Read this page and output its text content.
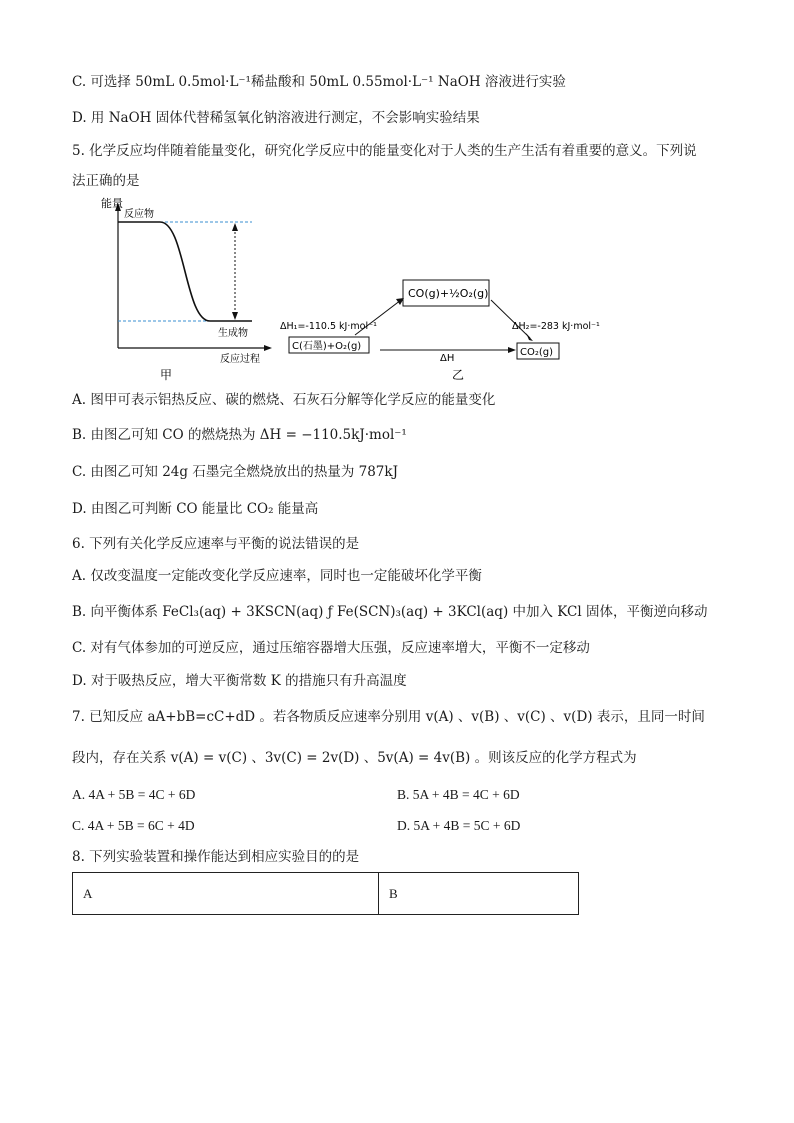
C. 可选择 50mL 0.5mol·L⁻¹稀盐酸和 50mL 0.55mol·L⁻¹ NaOH 溶液进行实验
D. 用 NaOH 固体代替稀氢氧化钠溶液进行测定，不会影响实验结果
5. 化学反应均伴随着能量变化，研究化学反应中的能量变化对于人类的生产生活有着重要的意义。下列说
法正确的是
能量
反应物
生成物
反应过程
甲
CO(g)+½O₂(g)
C(石墨)+O₂(g)
CO₂(g)
ΔH₁=-110.5 kJ·mol⁻¹	ΔH₂=-283 kJ·mol⁻¹
ΔH
乙
A. 图甲可表示铝热反应、碳的燃烧、石灰石分解等化学反应的能量变化
B. 由图乙可知 CO 的燃烧热为 ΔH = −110.5kJ·mol⁻¹
C. 由图乙可知 24g 石墨完全燃烧放出的热量为 787kJ
D. 由图乙可判断 CO 能量比 CO₂ 能量高
6. 下列有关化学反应速率与平衡的说法错误的是
A. 仅改变温度一定能改变化学反应速率，同时也一定能破坏化学平衡
B. 向平衡体系 FeCl₃(aq) + 3KSCN(aq) ƒ Fe(SCN)₃(aq) + 3KCl(aq) 中加入 KCl 固体，平衡逆向移动
C. 对有气体参加的可逆反应，通过压缩容器增大压强，反应速率增大，平衡不一定移动
D. 对于吸热反应，增大平衡常数 K 的措施只有升高温度
7. 已知反应 aA+bB=cC+dD 。若各物质反应速率分别用 v(A) 、v(B) 、v(C) 、v(D) 表示，且同一时间
段内，存在关系 v(A) = v(C) 、3v(C) = 2v(D) 、5v(A) = 4v(B) 。则该反应的化学方程式为
A. 4A + 5B = 4C + 6D	B. 5A + 4B = 4C + 6D
C. 4A + 5B = 6C + 4D	D. 5A + 4B = 5C + 6D
8. 下列实验装置和操作能达到相应实验目的的是
A	B
